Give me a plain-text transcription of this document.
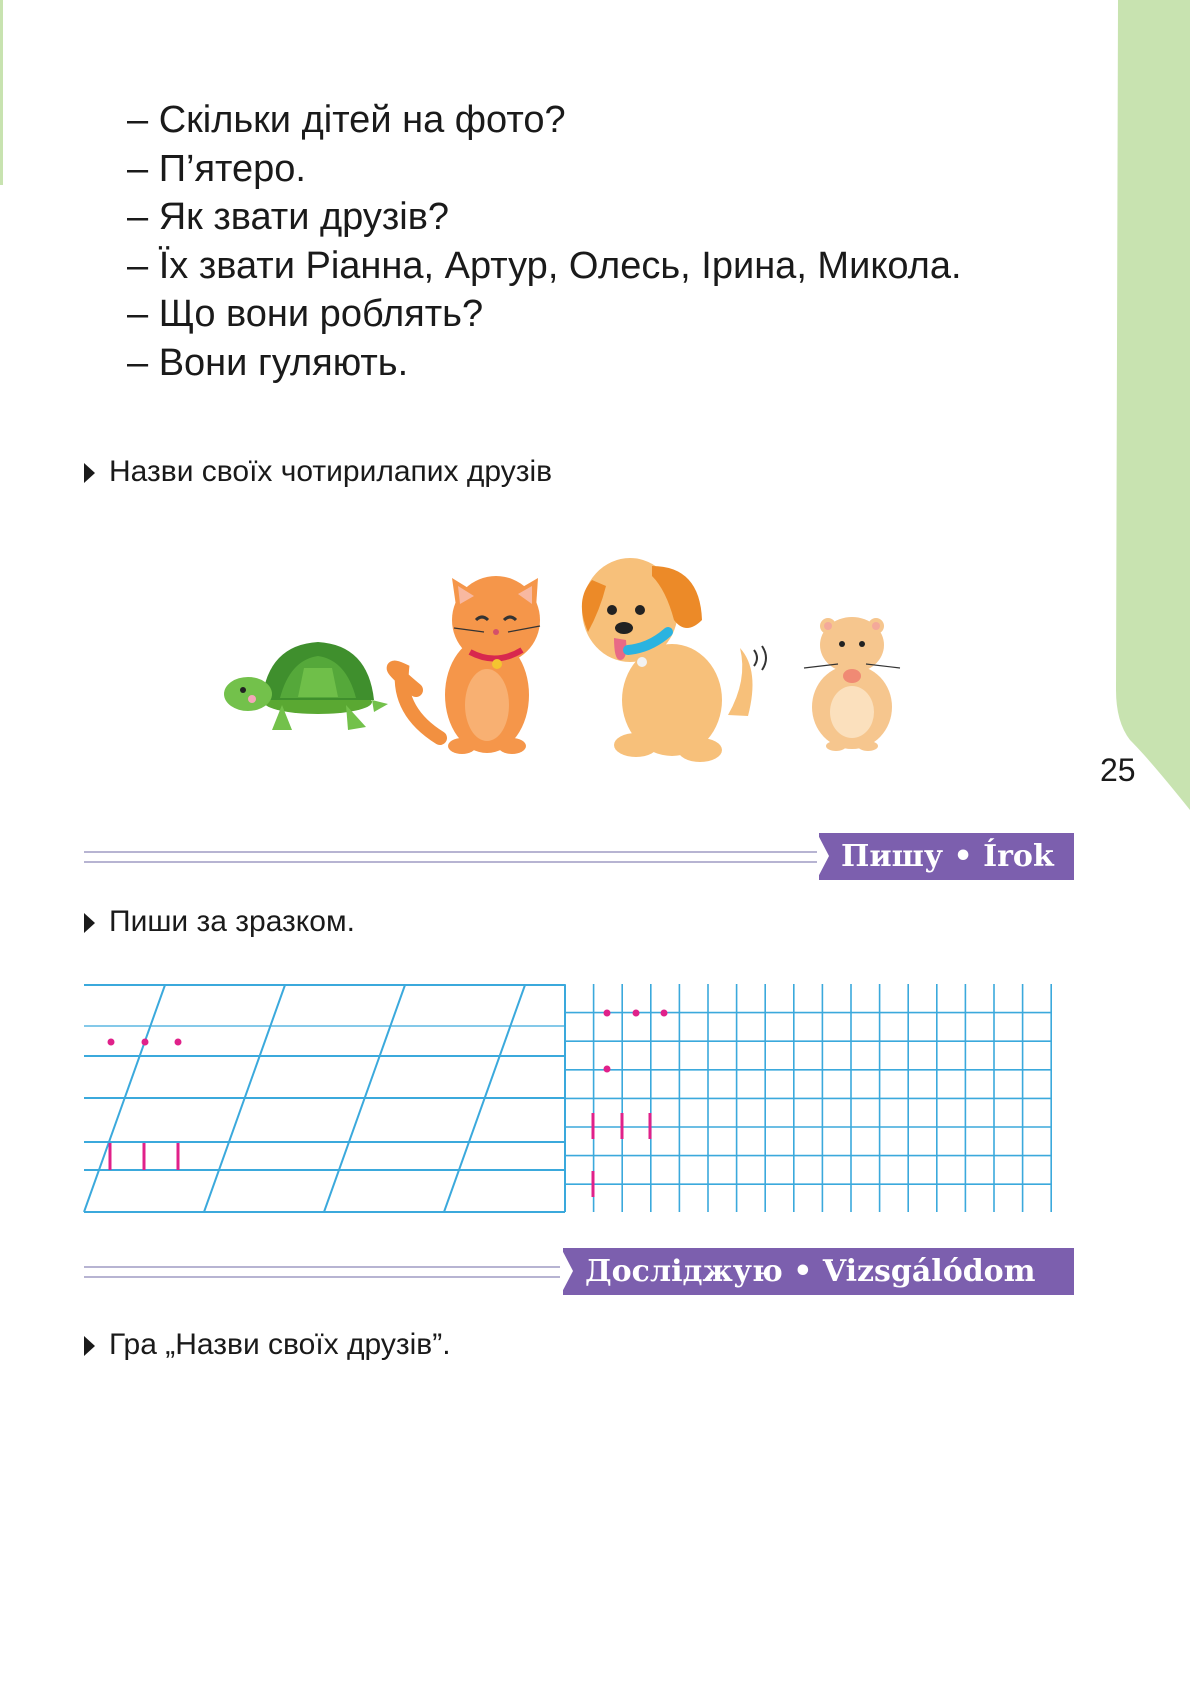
– Скільки дітей на фото?
– П’ятеро.
– Як звати друзів?
– Їх звати Ріанна, Артур, Олесь, Ірина, Микола.
– Що вони роблять?
– Вони гуляють.
Назви своїх чотирилапих друзів
25
Пишу • Írok
Пиши за зразком.
Досліджую • Vizsgálódom
Гра „Назви своїх друзів”.
